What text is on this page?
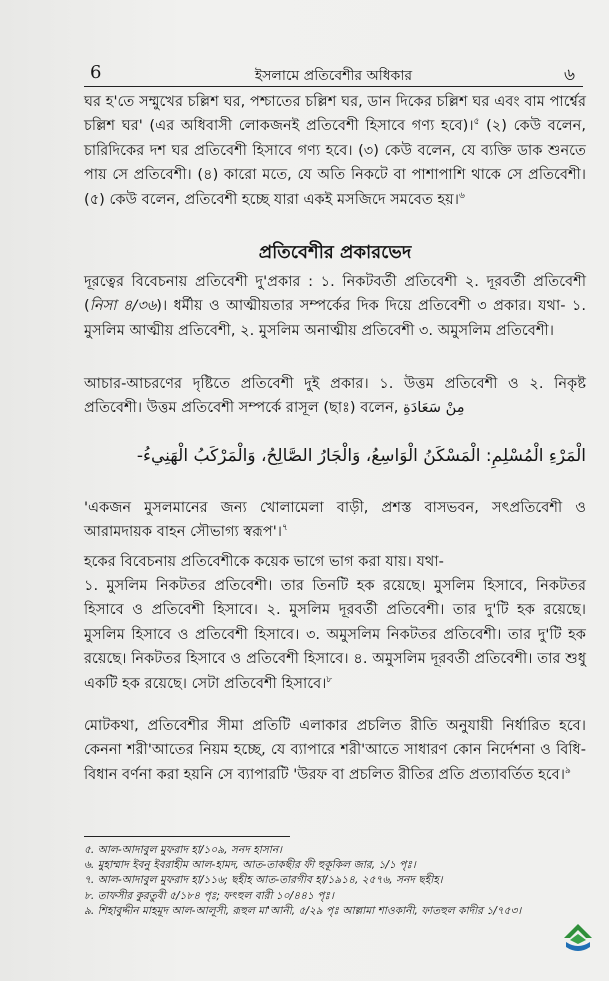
6	ইসলামে প্রতিবেশীর অধিকার	৬

ঘর হ'তে সম্মুখের চল্লিশ ঘর, পশ্চাতের চল্লিশ ঘর, ডান দিকের চল্লিশ ঘর এবং বাম পার্শ্বের চল্লিশ ঘর' (এর অধিবাসী লোকজনই প্রতিবেশী হিসাবে গণ্য হবে)।$^৫$ (২) কেউ বলেন, চারিদিকের দশ ঘর প্রতিবেশী হিসাবে গণ্য হবে। (৩) কেউ বলেন, যে ব্যক্তি ডাক শুনতে পায় সে প্রতিবেশী। (৪) কারো মতে, যে অতি নিকটে বা পাশাপাশি থাকে সে প্রতিবেশী। (৫) কেউ বলেন, প্রতিবেশী হচ্ছে যারা একই মসজিদে সমবেত হয়।$^৬$

প্রতিবেশীর প্রকারভেদ

দূরত্বের বিবেচনায় প্রতিবেশী দু'প্রকার : ১. নিকটবর্তী প্রতিবেশী ২. দূরবর্তী প্রতিবেশী (নিসা ৪/৩৬)। ধর্মীয় ও আত্মীয়তার সম্পর্কের দিক দিয়ে প্রতিবেশী ৩ প্রকার। যথা- ১. মুসলিম আত্মীয় প্রতিবেশী, ২. মুসলিম অনাত্মীয় প্রতিবেশী ৩. অমুসলিম প্রতিবেশী।

আচার-আচরণের দৃষ্টিতে প্রতিবেশী দুই প্রকার। ১. উত্তম প্রতিবেশী ও ২. নিকৃষ্ট প্রতিবেশী। উত্তম প্রতিবেশী সম্পর্কে রাসূল (ছাঃ) বলেন, مِنْ سَعَادَةِ

الْمَرْءِ الْمُسْلِمِ: الْمَسْكَنُ الْوَاسِعُ، وَالْجَارُ الصَّالِحُ، وَالْمَرْكَبُ الْهَنِيءُ-

'একজন মুসলমানের জন্য খোলামেলা বাড়ী, প্রশস্ত বাসভবন, সৎপ্রতিবেশী ও আরামদায়ক বাহন সৌভাগ্য স্বরূপ'।$^৭$

হকের বিবেচনায় প্রতিবেশীকে কয়েক ভাগে ভাগ করা যায়। যথা-

১. মুসলিম নিকটতর প্রতিবেশী। তার তিনটি হক রয়েছে। মুসলিম হিসাবে, নিকটতর হিসাবে ও প্রতিবেশী হিসাবে। ২. মুসলিম দূরবর্তী প্রতিবেশী। তার দু'টি হক রয়েছে। মুসলিম হিসাবে ও প্রতিবেশী হিসাবে। ৩. অমুসলিম নিকটতর প্রতিবেশী। তার দু'টি হক রয়েছে। নিকটতর হিসাবে ও প্রতিবেশী হিসাবে। ৪. অমুসলিম দূরবর্তী প্রতিবেশী। তার শুধু একটি হক রয়েছে। সেটা প্রতিবেশী হিসাবে।$^৮$

মোটকথা, প্রতিবেশীর সীমা প্রতিটি এলাকার প্রচলিত রীতি অনুযায়ী নির্ধারিত হবে। কেননা শরী'আতের নিয়ম হচ্ছে, যে ব্যাপারে শরী'আতে সাধারণ কোন নির্দেশনা ও বিধি-বিধান বর্ণনা করা হয়নি সে ব্যাপারটি 'উরফ বা প্রচলিত রীতির প্রতি প্রত্যাবর্তিত হবে।$^৯$

৫. আল-আদাবুল মুফরাদ হা/১০৯, সনদ হাসান।
৬. মুহাম্মাদ ইবনু ইবরাহীম আল-হামদ, আত-তাকছীর ফী হুকূকিল জার, ১/১ পৃঃ।
৭. আল-আদাবুল মুফরাদ হা/১১৬; ছহীহ আত-তারগীব হা/১৯১৪, ২৫৭৬, সনদ ছহীহ।
৮. তাফসীর কুরতুবী ৫/১৮৪ পৃঃ; ফৎহুল বারী ১০/৪৪১ পৃঃ।
৯. শিহাবুদ্দীন মাহমূদ আল-আলূসী, রূহুল মা'আনী, ৫/২৯ পৃঃ আল্লামা শাওকানী, ফাতহুল কাদীর ১/৭৫৩।
